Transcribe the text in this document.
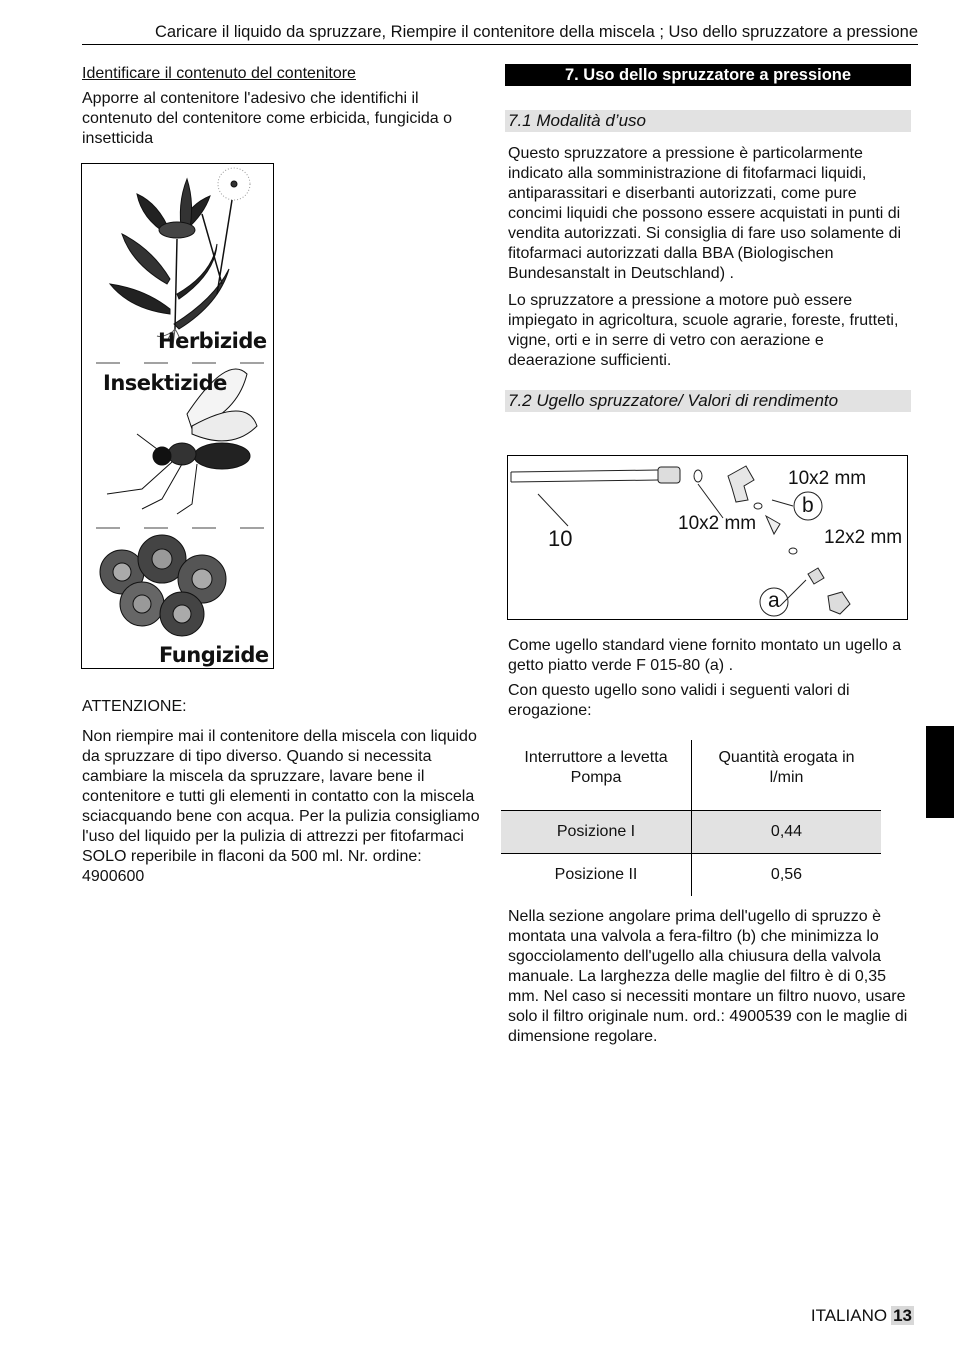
Caricare il liquido da spruzzare, Riempire il contenitore della miscela ; Uso dello spruzzatore a pressione

Identificare il contenuto del contenitore

Apporre al contenitore l'adesivo che identifichi il contenuto del contenitore come erbicida, fungicida o insetticida

Herbizide
Insektizide
Fungizide

ATTENZIONE:

Non riempire mai il contenitore della miscela con liquido da spruzzare di tipo diverso. Quando si necessita cambiare la miscela da spruzzare, lavare bene il contenitore e tutti gli elementi in contatto con la miscela sciacquando bene con acqua. Per la pulizia consigliamo l'uso del liquido per la pulizia di attrezzi per fitofarmaci SOLO reperibile in flaconi da 500 ml. Nr. ordine: 4900600

7. Uso dello spruzzatore a pressione
7.1 Modalità d’uso

Questo spruzzatore a pressione è particolarmente indicato alla somministrazione di fitofarmaci liquidi, antiparassitari e diserbanti autorizzati, come pure concimi liquidi che possono essere acquistati in punti di vendita autorizzati. Si consiglia di fare uso solamente di fitofarmaci autorizzati dalla BBA (Biologischen Bundesanstalt in Deutschland) .

Lo spruzzatore a pressione a motore può essere impiegato in agricoltura, scuole agrarie, foreste, frutteti, vigne, orti e in serre di vetro con aerazione e deaerazione sufficienti.

7.2 Ugello spruzzatore/ Valori di rendimento
10
10x2 mm
10x2 mm
12x2 mm
b
a

Come ugello standard viene fornito montato un ugello a getto piatto verde F 015-80 (a) .

Con questo ugello sono validi i seguenti valori di erogazione:

Interruttore a levetta Pompa	Quantità erogata in l/min

Posizione I	0,44
Posizione II	0,56

Nella sezione angolare prima dell'ugello di spruzzo è montata una valvola a fera-filtro (b) che minimizza lo sgocciolamento dell'ugello alla chiusura della valvola manuale. La larghezza delle maglie del filtro è di 0,35 mm. Nel caso si necessiti montare un filtro nuovo, usare solo il filtro originale num. ord.: 4900539 con le maglie di dimensione regolare.

ITALIANO 13
